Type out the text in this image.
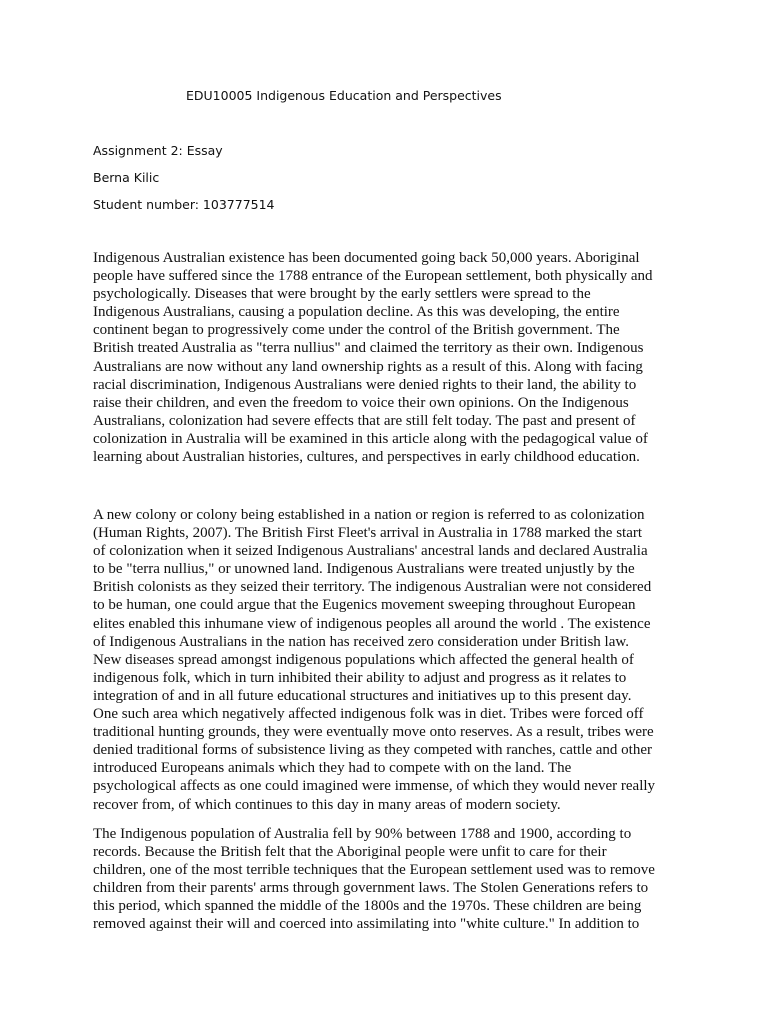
EDU10005 Indigenous Education and Perspectives

Assignment 2: Essay

Berna Kilic

Student number: 103777514

Indigenous Australian existence has been documented going back 50,000 years. Aboriginal
people have suffered since the 1788 entrance of the European settlement, both physically and
psychologically. Diseases that were brought by the early settlers were spread to the
Indigenous Australians, causing a population decline. As this was developing, the entire
continent began to progressively come under the control of the British government. The
British treated Australia as "terra nullius" and claimed the territory as their own. Indigenous
Australians are now without any land ownership rights as a result of this. Along with facing
racial discrimination, Indigenous Australians were denied rights to their land, the ability to
raise their children, and even the freedom to voice their own opinions. On the Indigenous
Australians, colonization had severe effects that are still felt today. The past and present of
colonization in Australia will be examined in this article along with the pedagogical value of
learning about Australian histories, cultures, and perspectives in early childhood education.
A new colony or colony being established in a nation or region is referred to as colonization
(Human Rights, 2007). The British First Fleet's arrival in Australia in 1788 marked the start
of colonization when it seized Indigenous Australians' ancestral lands and declared Australia
to be "terra nullius," or unowned land. Indigenous Australians were treated unjustly by the
British colonists as they seized their territory. The indigenous Australian were not considered
to be human, one could argue that the Eugenics movement sweeping throughout European
elites enabled this inhumane view of indigenous peoples all around the world . The existence
of Indigenous Australians in the nation has received zero consideration under British law.
New diseases spread amongst indigenous populations which affected the general health of
indigenous folk, which in turn inhibited their ability to adjust and progress as it relates to
integration of and in all future educational structures and initiatives up to this present day.
One such area which negatively affected indigenous folk was in diet. Tribes were forced off
traditional hunting grounds, they were eventually move onto reserves. As a result, tribes were
denied traditional forms of subsistence living as they competed with ranches, cattle and other
introduced Europeans animals which they had to compete with on the land. The
psychological affects as one could imagined were immense, of which they would never really
recover from, of which continues to this day in many areas of modern society.
The Indigenous population of Australia fell by 90% between 1788 and 1900, according to
records. Because the British felt that the Aboriginal people were unfit to care for their
children, one of the most terrible techniques that the European settlement used was to remove
children from their parents' arms through government laws. The Stolen Generations refers to
this period, which spanned the middle of the 1800s and the 1970s. These children are being
removed against their will and coerced into assimilating into "white culture." In addition to
